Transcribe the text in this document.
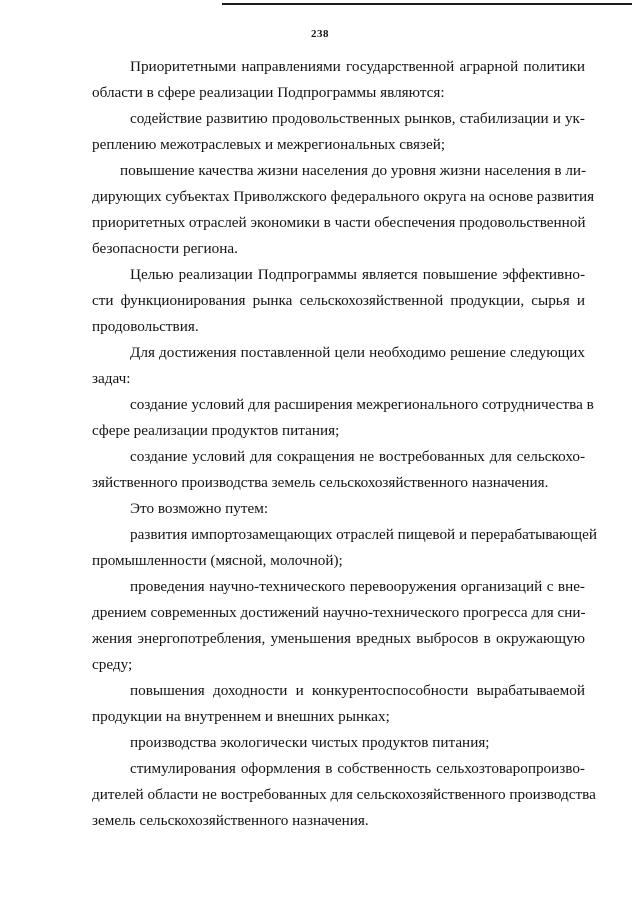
238
Приоритетными направлениями государственной аграрной политики
области в сфере реализации Подпрограммы являются:
содействие развитию продовольственных рынков, стабилизации и ук-
реплению межотраслевых и межрегиональных связей;
повышение качества жизни населения до уровня жизни населения в ли-
дирующих субъектах Приволжского федерального округа на основе развития
приоритетных отраслей экономики в части обеспечения продовольственной
безопасности региона.
Целью реализации Подпрограммы является повышение эффективно-
сти функционирования рынка сельскохозяйственной продукции, сырья и
продовольствия.
Для достижения поставленной цели необходимо решение следующих
задач:
создание условий для расширения межрегионального сотрудничества в
сфере реализации продуктов питания;
создание условий для сокращения не востребованных для сельскохо-
зяйственного производства земель сельскохозяйственного назначения.
Это возможно путем:
развития импортозамещающих отраслей пищевой и перерабатывающей
промышленности (мясной, молочной);
проведения научно-технического перевооружения организаций с вне-
дрением современных достижений научно-технического прогресса для сни-
жения энергопотребления, уменьшения вредных выбросов в окружающую
среду;
повышения доходности и конкурентоспособности вырабатываемой
продукции на внутреннем и внешних рынках;
производства экологически чистых продуктов питания;
стимулирования оформления в собственность сельхозтоваропроизво-
дителей области не востребованных для сельскохозяйственного производства
земель сельскохозяйственного назначения.
